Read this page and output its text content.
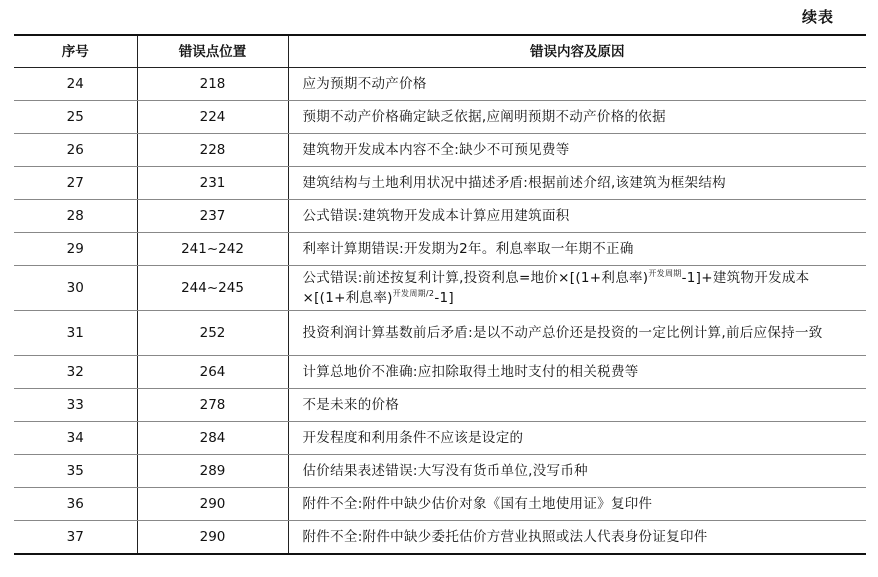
续表
序号	错误点位置	错误内容及原因
24	218	应为预期不动产价格
25	224	预期不动产价格确定缺乏依据,应阐明预期不动产价格的依据
26	228	建筑物开发成本内容不全:缺少不可预见费等
27	231	建筑结构与土地利用状况中描述矛盾:根据前述介绍,该建筑为框架结构
28	237	公式错误:建筑物开发成本计算应用建筑面积
29	241~242	利率计算期错误:开发期为2年。利息率取一年期不正确
30	244~245	公式错误:前述按复利计算,投资利息=地价×[(1+利息率)$^{开发周期}$-1]+建筑物开发成本×[(1+利息率)$^{开发周期/2}$-1]
31	252	投资利润计算基数前后矛盾:是以不动产总价还是投资的一定比例计算,前后应保持一致
32	264	计算总地价不准确:应扣除取得土地时支付的相关税费等
33	278	不是未来的价格
34	284	开发程度和利用条件不应该是设定的
35	289	估价结果表述错误:大写没有货币单位,没写币种
36	290	附件不全:附件中缺少估价对象《国有土地使用证》复印件
37	290	附件不全:附件中缺少委托估价方营业执照或法人代表身份证复印件
